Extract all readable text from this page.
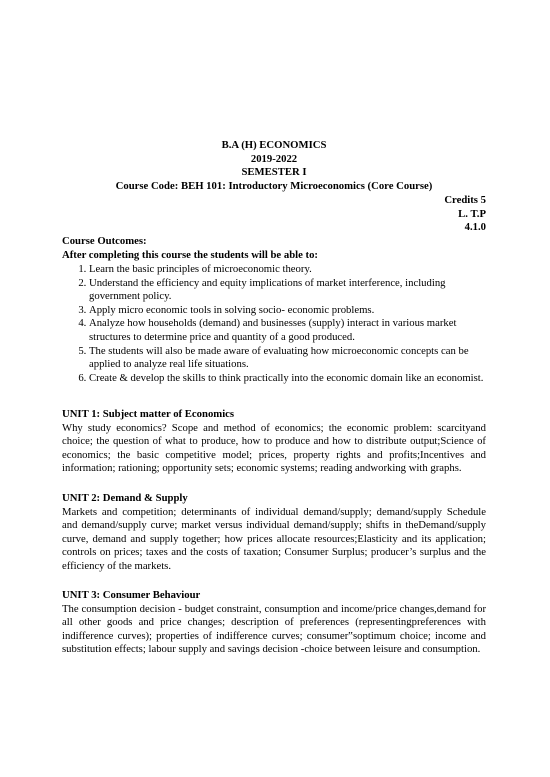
B.A (H) ECONOMICS
2019-2022
SEMESTER I
Course Code: BEH 101: Introductory Microeconomics (Core Course)
Credits 5
L. T.P
4.1.0
Course Outcomes:
After completing this course the students will be able to:
1. Learn the basic principles of microeconomic theory.
2. Understand the efficiency and equity implications of market interference, including government policy.
3. Apply micro economic tools in solving socio- economic problems.
4. Analyze how households (demand) and businesses (supply) interact in various market structures to determine price and quantity of a good produced.
5. The students will also be made aware of evaluating how microeconomic concepts can be applied to analyze real life situations.
6. Create & develop the skills to think practically into the economic domain like an economist.
UNIT 1: Subject matter of Economics
Why study economics? Scope and method of economics; the economic problem: scarcityand choice; the question of what to produce, how to produce and how to distribute output;Science of economics; the basic competitive model; prices, property rights and profits;Incentives and information; rationing; opportunity sets; economic systems; reading andworking with graphs.
UNIT 2: Demand & Supply
Markets and competition; determinants of individual demand/supply; demand/supply Schedule and demand/supply curve; market versus individual demand/supply; shifts in theDemand/supply curve, demand and supply together; how prices allocate resources;Elasticity and its application; controls on prices; taxes and the costs of taxation; Consumer Surplus; producer’s surplus and the efficiency of the markets.
UNIT 3: Consumer Behaviour
The consumption decision - budget constraint, consumption and income/price changes,demand for all other goods and price changes; description of preferences (representingpreferences with indifference curves); properties of indifference curves; consumer‟soptimum choice; income and substitution effects; labour supply and savings decision -choice between leisure and consumption.
